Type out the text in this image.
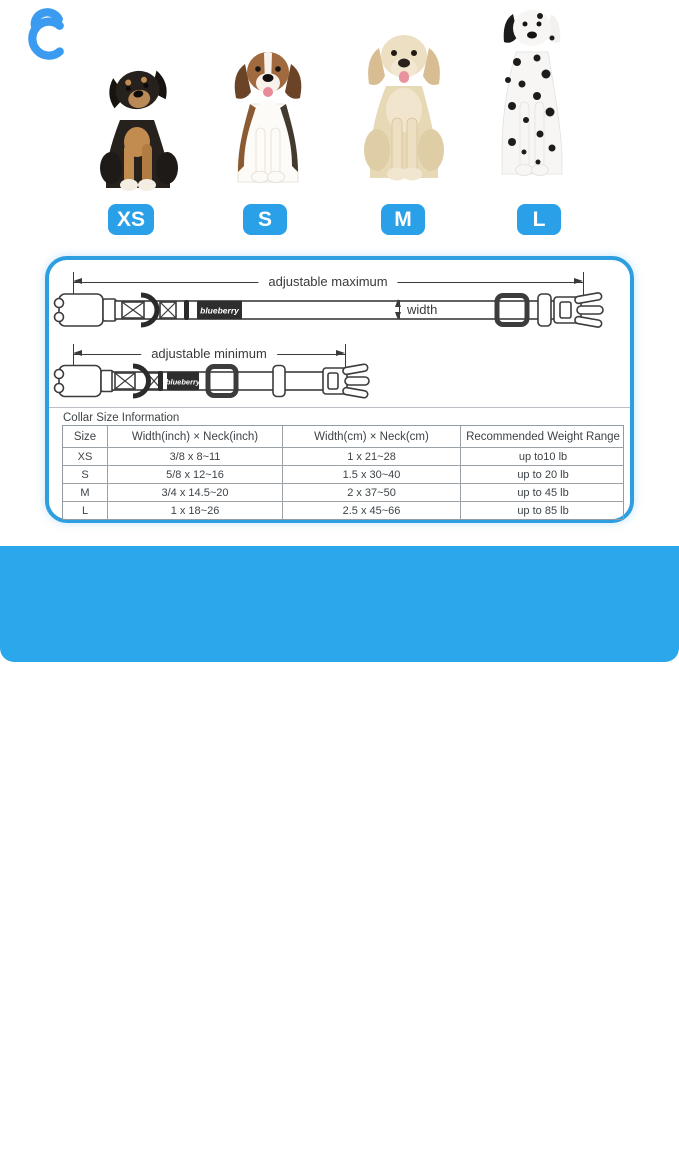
XS	S	M	L
adjustable maximum
blueberry	width
adjustable minimum
blueberry
Collar Size Information
Size	Width(inch) × Neck(inch)	Width(cm) × Neck(cm)	Recommended Weight Range
XS	3/8 x 8~11	1 x 21~28	up to10 lb
S	5/8 x 12~16	1.5 x 30~40	up to 20 lb
M	3/4 x 14.5~20	2 x 37~50	up to 45 lb
L	1 x 18~26	2.5 x 45~66	up to 85 lb
Tips: Measure the circumference of pet's neck. It should be snug
enough to fit 2 fingers between dog's neck and their collar.
